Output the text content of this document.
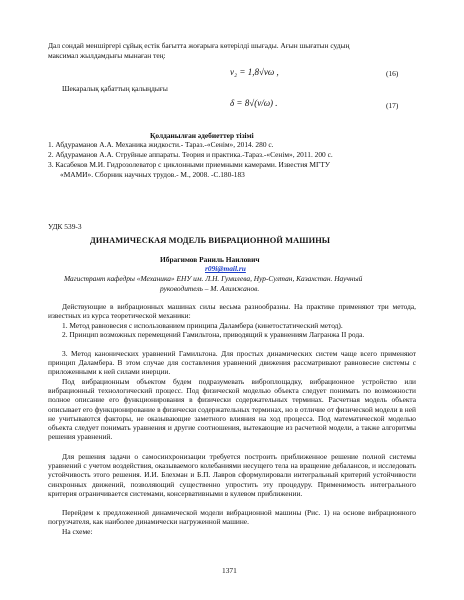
Дал сондай меншіргері сұйық естік бағытта жоғарыға көтерілді шығады. Ағын шығатын судың
максимал жылдамдығы мынаған тең:
ν₂ = 1,8√νω ,	(16)
Шекаралық қабаттың қалыңдығы
δ = 8√(ν/ω) .	(17)
Қолданылған әдебиеттер тізімі
1. Абдураманов А.А. Механика жидкости.- Тараз.-«Сенім», 2014. 280 с.
2. Абдураманов А.А. Струйные аппараты. Теория и практика.-Тараз.-«Сенім», 2011. 200 с.
3. Касабеков М.И. Гидрозолеватор с циклонными приемными камерами. Известия МГТУ
«МАМИ». Сборник научных трудов.- М., 2008. -С.180-183
УДК 539-3
ДИНАМИЧЕСКАЯ МОДЕЛЬ ВИБРАЦИОННОЙ МАШИНЫ
Ибрагимов Раниль Наилович
r09i@mail.ru
Магистрант кафедры «Механика» ЕНУ им. Л.Н. Гумилева, Нур-Султан, Казахстан. Научный
руководитель – М. Алимжанов.
Действующие в вибрационных машинах силы весьма разнообразны. На практике применяют три метода, известных из курса теоретической механики:
1. Метод равновесия с использованием принципа Даламбера (кинетостатический метод).
2. Принцип возможных перемещений Гамильтона, приводящий к уравнениям Лагранжа II рода.
3. Метод канонических уравнений Гамильтона. Для простых динамических систем чаще всего применяют принцип Даламбера. В этом случае для составления уравнений движения рассматривают равновесие системы с приложенными к ней силами инерции.
Под вибрационным объектом будем подразумевать виброплощадку, вибрационное устройство или вибрационный технологический процесс. Под физической моделью объекта следует понимать по возможности полное описание его функционирования в физически содержательных терминах. Расчетная модель объекта описывает его функционирование в физически содержательных терминах, но в отличие от физической модели в ней не учитываются факторы, не оказывающие заметного влияния на ход процесса. Под математической моделью объекта следует понимать уравнения и другие соотношения, вытекающие из расчетной модели, а также алгоритмы решения уравнений.
Для решения задачи о самосинхронизации требуется построить приближенное решение полной системы уравнений с учетом воздействия, оказываемого колебаниями несущего тела на вращение дебалансов, и исследовать устойчивость этого решения. И.И. Блехман и Б.П. Лавров сформулировали интегральный критерий устойчивости синхронных движений, позволяющий существенно упростить эту процедуру. Применимость интегрального критерия ограничивается системами, консервативными в кулевом приближении.
Перейдем к предложенной динамической модели вибрационной машины (Рис. 1) на основе вибрационного погрузчателя, как наиболее динамически нагруженной машине.
На схеме:
1371
